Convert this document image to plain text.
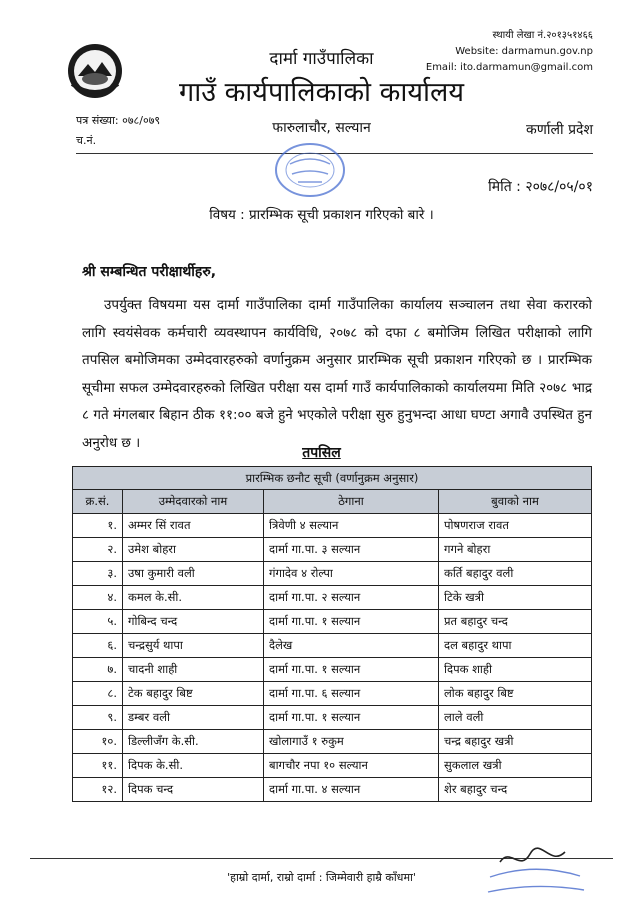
दार्मा गाउँपालिका
गाउँ कार्यपालिकाको कार्यालय
स्थायी लेखा नं.२०१३५१४६६
Website: darmamun.gov.np
Email: ito.darmamun@gmail.com
पत्र संख्या: ०७८/०७९
च.नं.
फारुलाचौर, सल्यान	कर्णाली प्रदेश
मिति : २०७८/०५/०१
विषय : प्रारम्भिक सूची प्रकाशन गरिएको बारे ।
श्री सम्बन्धित परीक्षार्थीहरु,
उपर्युक्त विषयमा यस दार्मा गाउँपालिका दार्मा गाउँपालिका कार्यालय सञ्चालन तथा सेवा करारको लागि स्वयंसेवक कर्मचारी व्यवस्थापन कार्यविधि, २०७८ को दफा ८ बमोजिम लिखित परीक्षाको लागि तपसिल बमोजिमका उम्मेदवारहरुको वर्णानुक्रम अनुसार प्रारम्भिक सूची प्रकाशन गरिएको छ । प्रारम्भिक सूचीमा सफल उम्मेदवारहरुको लिखित परीक्षा यस दार्मा गाउँ कार्यपालिकाको कार्यालयमा मिति २०७८ भाद्र ८ गते मंगलबार बिहान ठीक ११:०० बजे हुने भएकोले परीक्षा सुरु हुनुभन्दा आधा घण्टा अगावै उपस्थित हुन अनुरोध छ ।
तपसिल
प्रारम्भिक छनौट सूची (वर्णानुक्रम अनुसार)			
क्र.सं.	उम्मेदवारको नाम	ठेगाना	बुवाको नाम
१.	अम्मर सिं रावत	त्रिवेणी ४ सल्यान	पोषणराज रावत
२.	उमेश बोहरा	दार्मा गा.पा. ३ सल्यान	गगने बोहरा
३.	उषा कुमारी वली	गंगादेव ४ रोल्पा	कर्ति बहादुर वली
४.	कमल के.सी.	दार्मा गा.पा. २ सल्यान	टिके खत्री
५.	गोबिन्द चन्द	दार्मा गा.पा. १ सल्यान	प्रत बहादुर चन्द
६.	चन्द्रसुर्य थापा	दैलेख	दल बहादुर थापा
७.	चादनी शाही	दार्मा गा.पा. १ सल्यान	दिपक शाही
८.	टेक बहादुर बिष्ट	दार्मा गा.पा. ६ सल्यान	लोक बहादुर बिष्ट
९.	डम्बर वली	दार्मा गा.पा. १ सल्यान	लाले वली
१०.	डिल्लीजँग के.सी.	खोलागाउँ १ रुकुम	चन्द्र बहादुर खत्री
११.	दिपक के.सी.	बागचौर नपा १० सल्यान	सुकलाल खत्री
१२.	दिपक चन्द	दार्मा गा.पा. ४ सल्यान	शेर बहादुर चन्द
'हाम्रो दार्मा, राम्रो दार्मा : जिम्मेवारी हाम्रै काँधमा'
